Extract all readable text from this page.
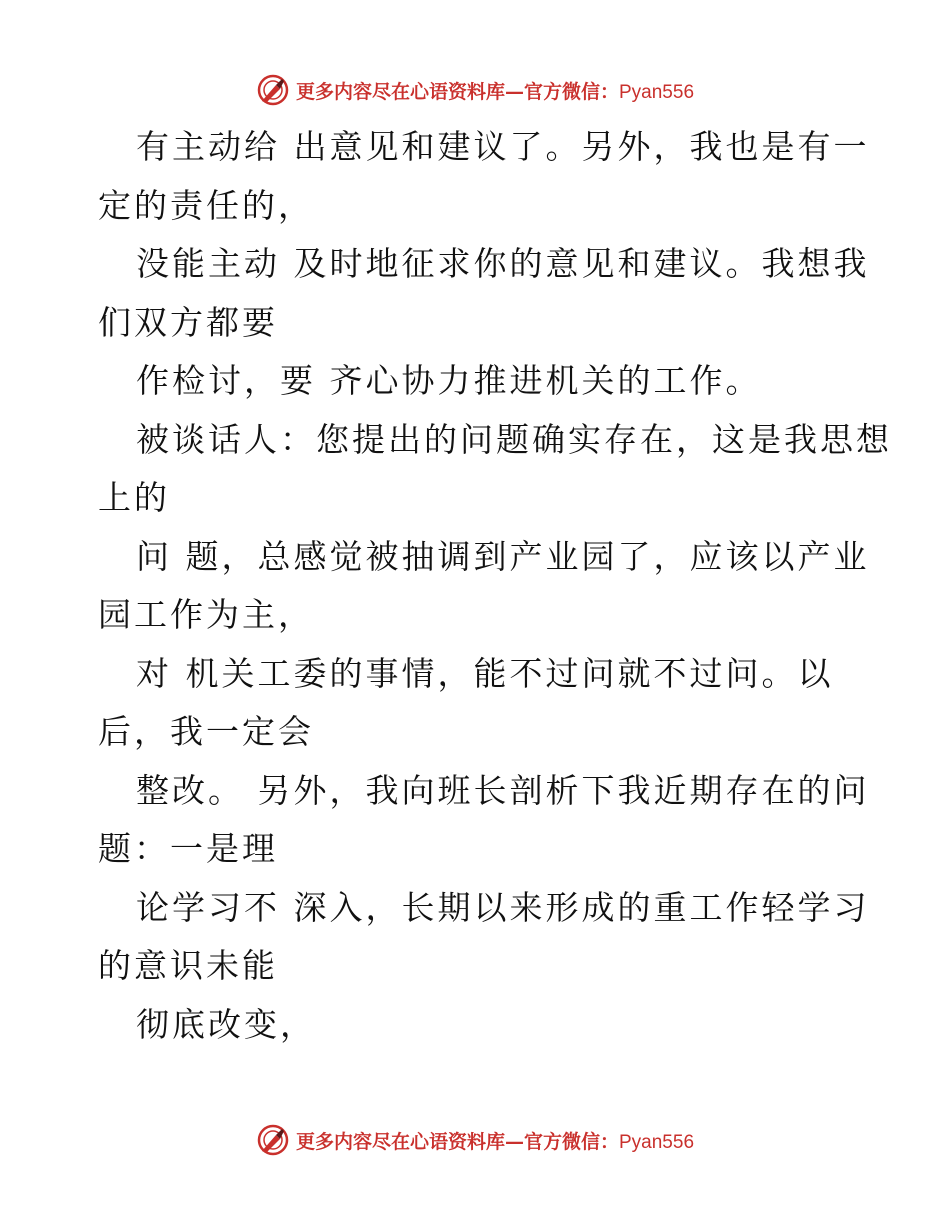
更多内容尽在心语资料库—官方微信：Pyan556
有主动给 出意见和建议了。另外，我也是有一
定的责任的，
没能主动 及时地征求你的意见和建议。我想我
们双方都要
作检讨，要 齐心协力推进机关的工作。
被谈话人：您提出的问题确实存在，这是我思想
上的
问 题，总感觉被抽调到产业园了，应该以产业
园工作为主，
对 机关工委的事情，能不过问就不过问。以
后，我一定会
整改。 另外，我向班长剖析下我近期存在的问
题：一是理
论学习不 深入，长期以来形成的重工作轻学习
的意识未能
彻底改变，
更多内容尽在心语资料库—官方微信：Pyan556
